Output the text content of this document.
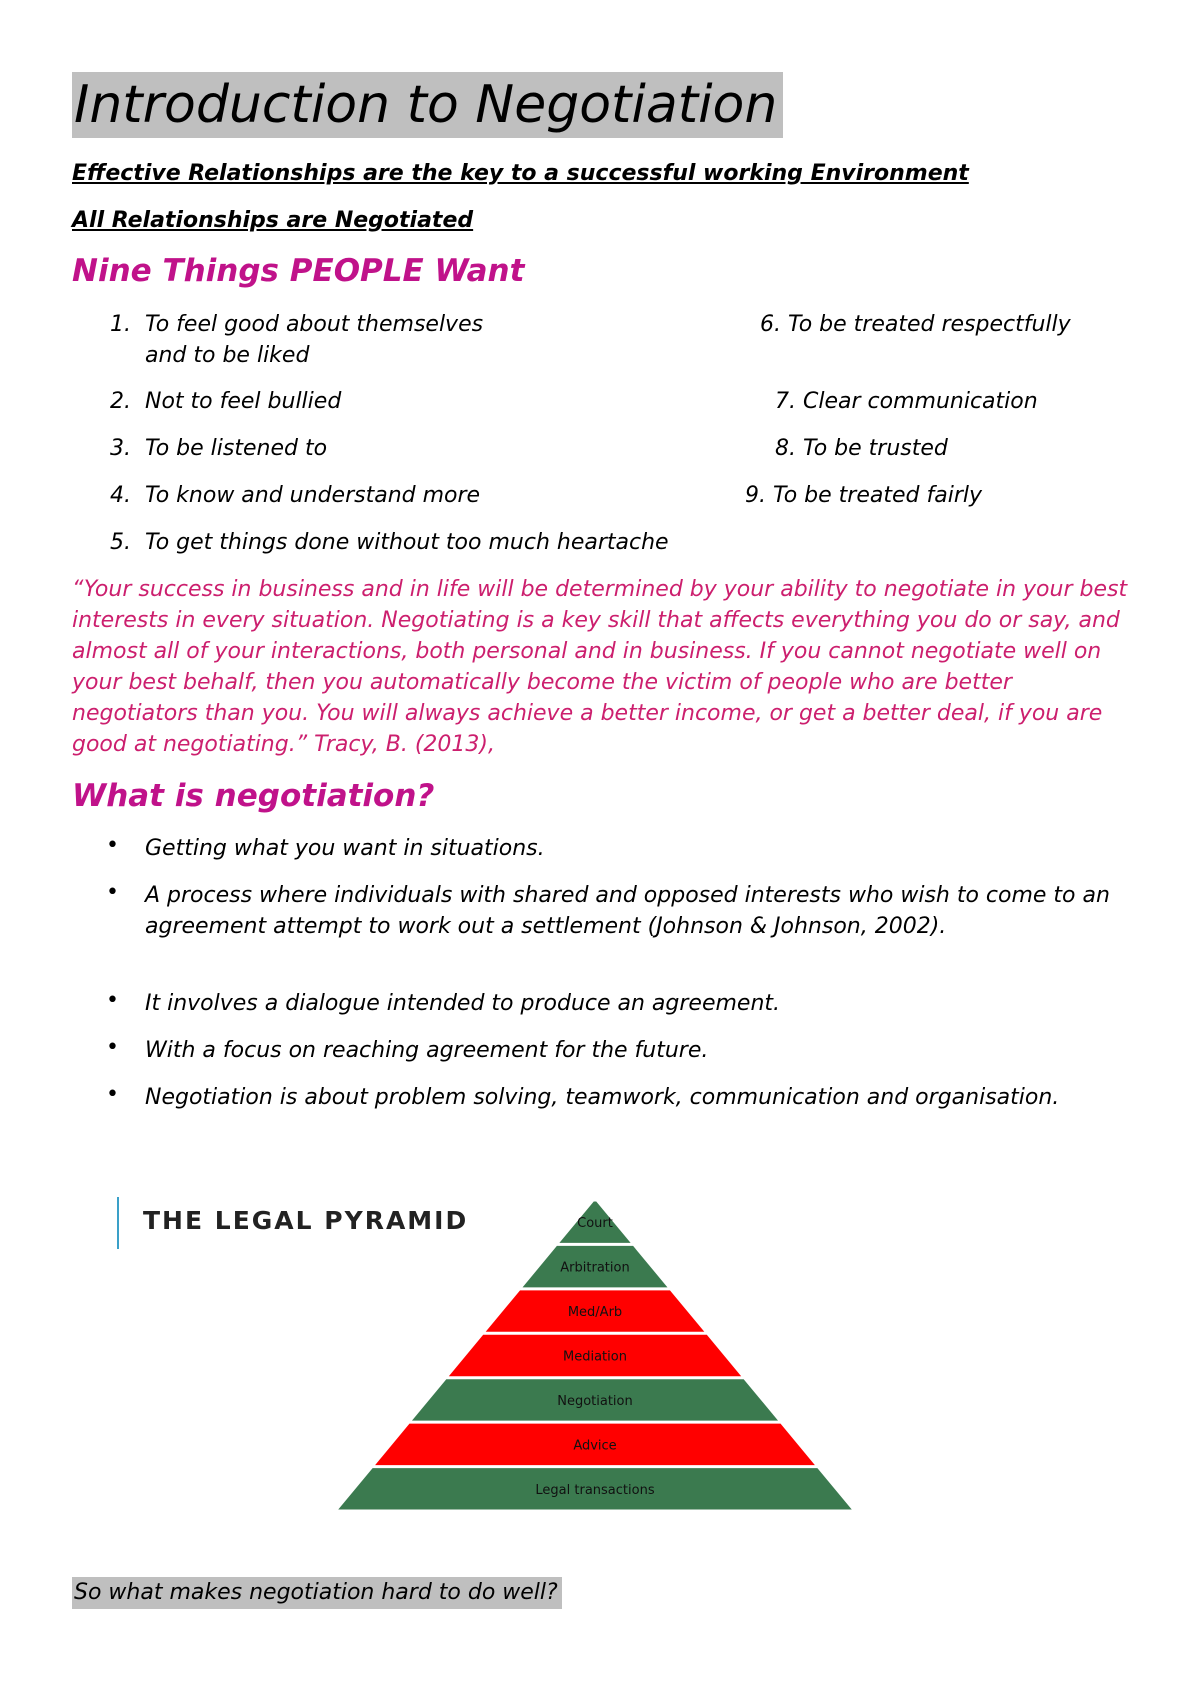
Introduction to Negotiation
Effective Relationships are the key to a successful working Environment
All Relationships are Negotiated
Nine Things PEOPLE Want
1. To feel good about themselves
and to be liked
2. Not to feel bullied
3. To be listened to
4. To know and understand more
5. To get things done without too much heartache
6. To be treated respectfully
7. Clear communication
8. To be trusted
9. To be treated fairly
“Your success in business and in life will be determined by your ability to negotiate in your best interests in every situation. Negotiating is a key skill that affects everything you do or say, and almost all of your interactions, both personal and in business. If you cannot negotiate well on your best behalf, then you automatically become the victim of people who are better negotiators than you. You will always achieve a better income, or get a better deal, if you are good at negotiating.” Tracy, B. (2013),
What is negotiation?
• Getting what you want in situations.
• A process where individuals with shared and opposed interests who wish to come to an agreement attempt to work out a settlement (Johnson & Johnson, 2002).
• It involves a dialogue intended to produce an agreement.
• With a focus on reaching agreement for the future.
• Negotiation is about problem solving, teamwork, communication and organisation.
THE LEGAL PYRAMID	Court
Arbitration
Med/Arb
Mediation
Negotiation
Advice
Legal transactions
So what makes negotiation hard to do well?
